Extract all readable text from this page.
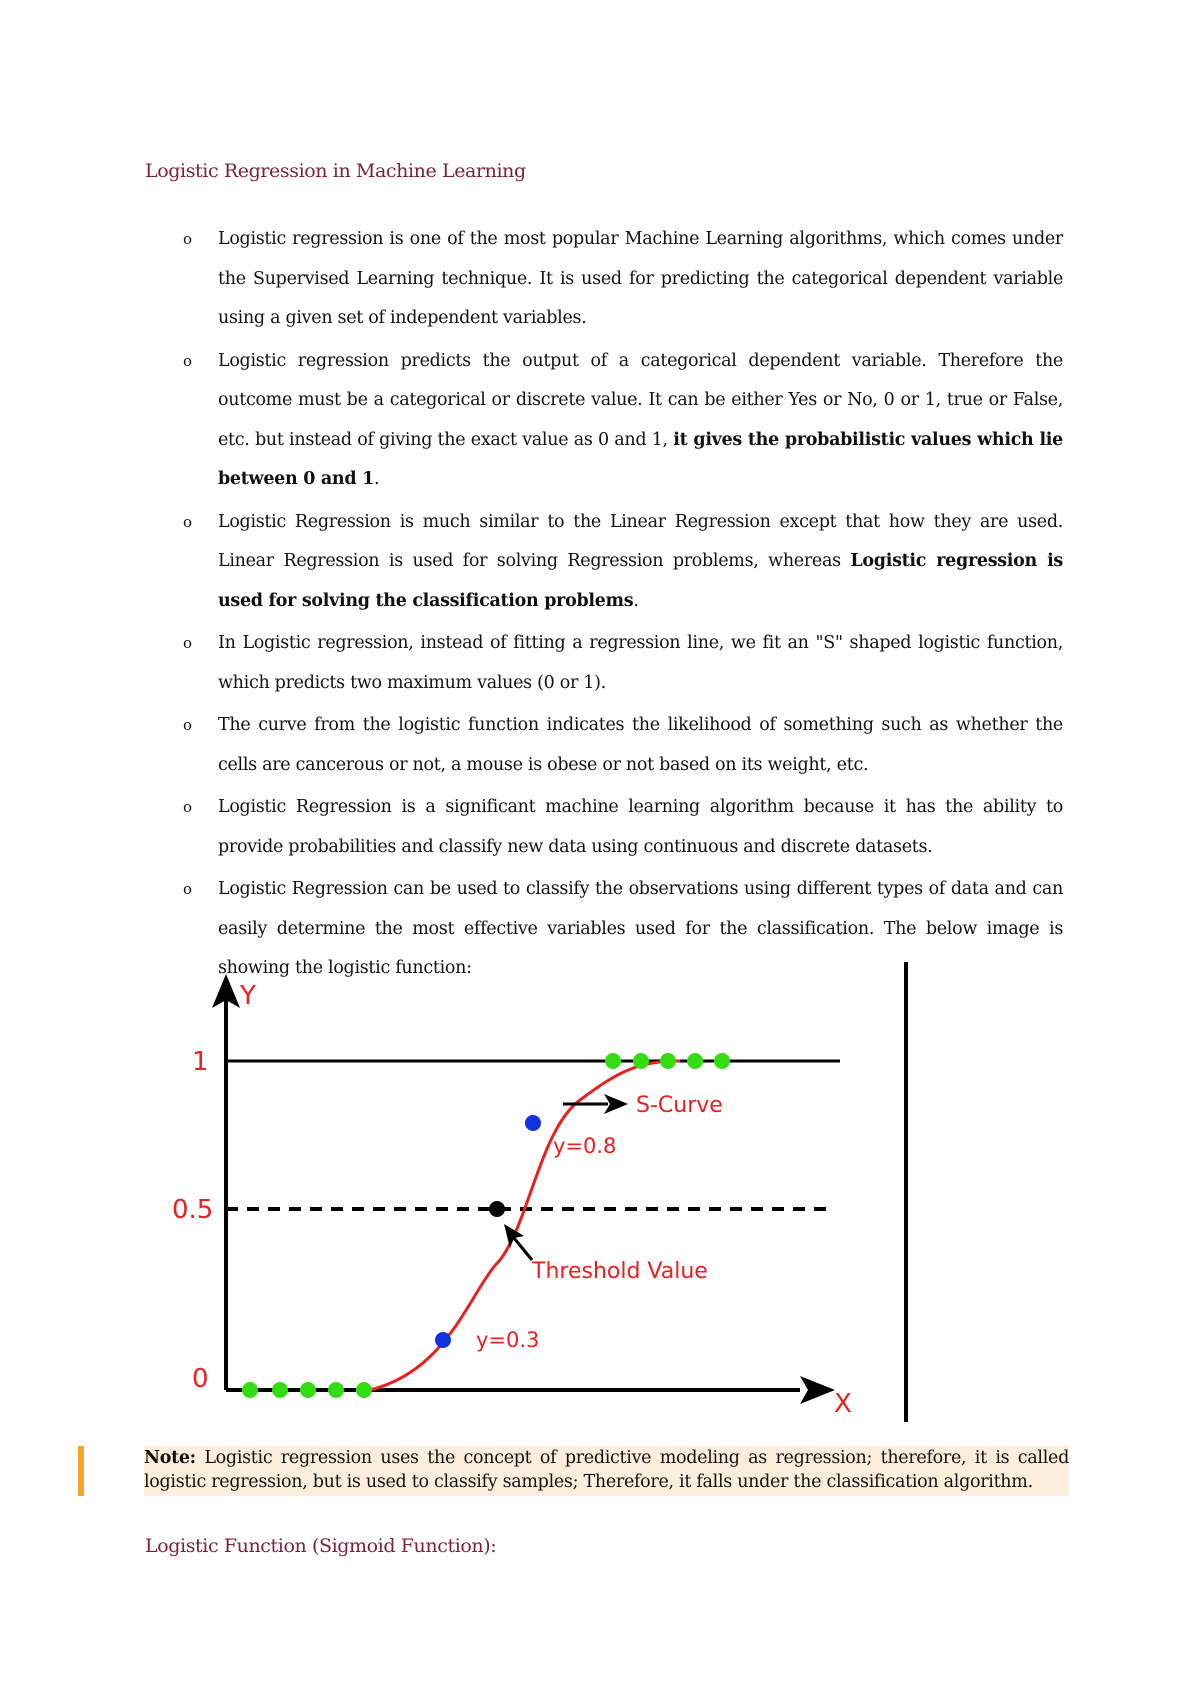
Logistic Regression in Machine Learning
o Logistic regression is one of the most popular Machine Learning algorithms, which comes under the Supervised Learning technique. It is used for predicting the categorical dependent variable using a given set of independent variables.
o Logistic regression predicts the output of a categorical dependent variable. Therefore the outcome must be a categorical or discrete value. It can be either Yes or No, 0 or 1, true or False, etc. but instead of giving the exact value as 0 and 1, it gives the probabilistic values which lie between 0 and 1.
o Logistic Regression is much similar to the Linear Regression except that how they are used. Linear Regression is used for solving Regression problems, whereas Logistic regression is used for solving the classification problems.
o In Logistic regression, instead of fitting a regression line, we fit an "S" shaped logistic function, which predicts two maximum values (0 or 1).
o The curve from the logistic function indicates the likelihood of something such as whether the cells are cancerous or not, a mouse is obese or not based on its weight, etc.
o Logistic Regression is a significant machine learning algorithm because it has the ability to provide probabilities and classify new data using continuous and discrete datasets.
o Logistic Regression can be used to classify the observations using different types of data and can easily determine the most effective variables used for the classification. The below image is showing the logistic function:
Y
X
1
0.5
0
S-Curve
y=0.8
y=0.3
Threshold Value
Note: Logistic regression uses the concept of predictive modeling as regression; therefore, it is called logistic regression, but is used to classify samples; Therefore, it falls under the classification algorithm.
Logistic Function (Sigmoid Function):
